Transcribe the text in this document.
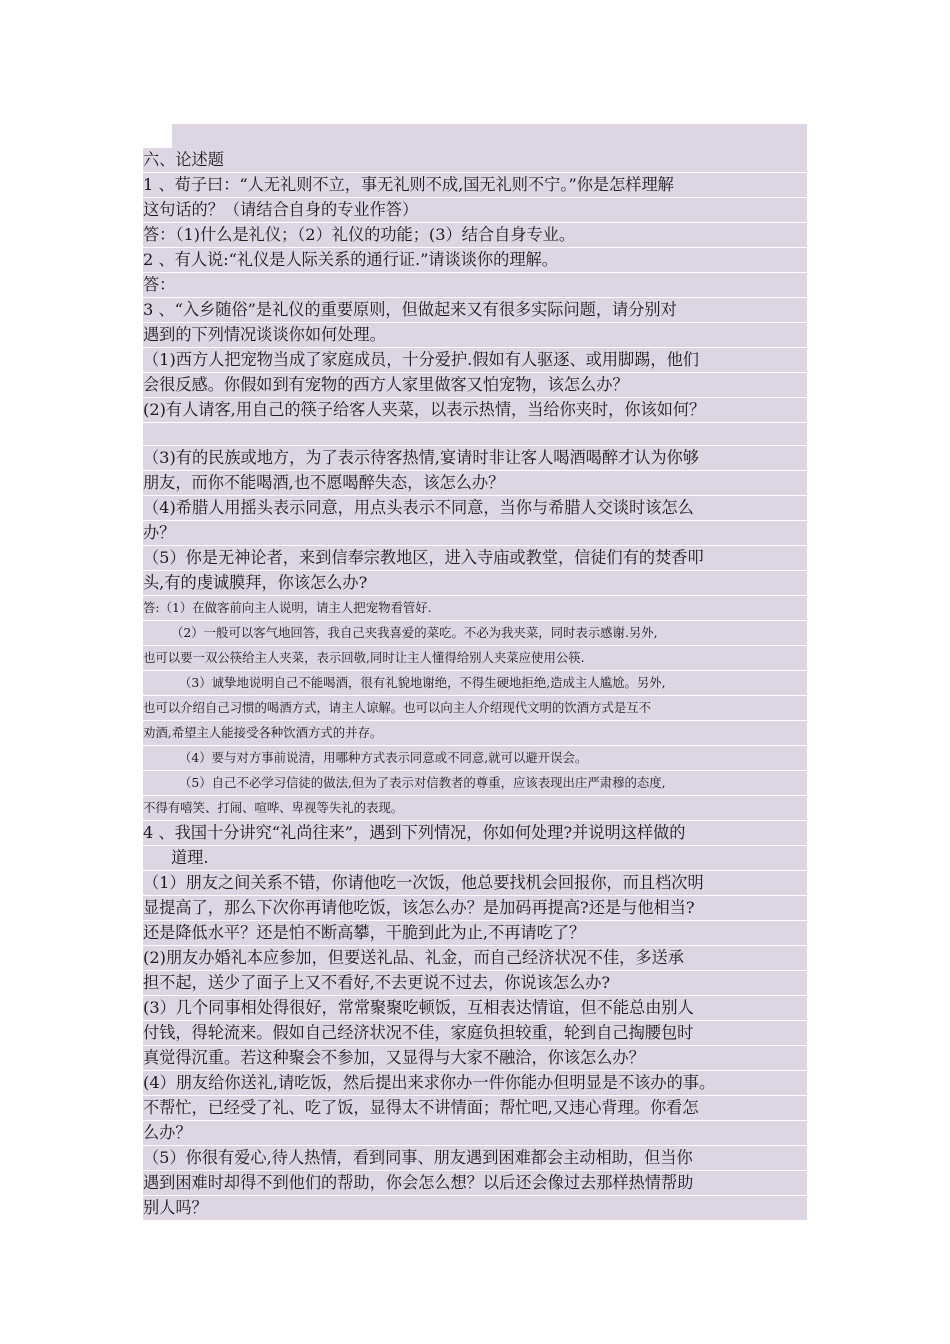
六、论述题
1 、荀子曰：“人无礼则不立，事无礼则不成,国无礼则不宁。”你是怎样理解
这句话的？（请结合自身的专业作答）
答：（1)什么是礼仪；（2）礼仪的功能；(3）结合自身专业。
2 、有人说:“礼仪是人际关系的通行证.”请谈谈你的理解。
答：
3 、“入乡随俗”是礼仪的重要原则，但做起来又有很多实际问题，请分别对
遇到的下列情况谈谈你如何处理。
（1)西方人把宠物当成了家庭成员，十分爱护.假如有人驱逐、或用脚踢，他们
会很反感。你假如到有宠物的西方人家里做客又怕宠物，该怎么办？
(2)有人请客,用自己的筷子给客人夹菜，以表示热情，当给你夹时，你该如何？
（3)有的民族或地方，为了表示待客热情,宴请时非让客人喝酒喝醉才认为你够
朋友，而你不能喝酒,也不愿喝醉失态，该怎么办？
（4)希腊人用摇头表示同意，用点头表示不同意，当你与希腊人交谈时该怎么
办？
（5）你是无神论者，来到信奉宗教地区，进入寺庙或教堂，信徒们有的焚香叩
头,有的虔诚膜拜，你该怎么办?
答:（1）在做客前向主人说明，请主人把宠物看管好.
（2）一般可以客气地回答，我自己夹我喜爱的菜吃。不必为我夹菜，同时表示感谢.另外,
也可以要一双公筷给主人夹菜，表示回敬,同时让主人懂得给别人夹菜应使用公筷.
（3）诚挚地说明自己不能喝酒，很有礼貌地谢绝，不得生硬地拒绝,造成主人尴尬。另外,
也可以介绍自己习惯的喝酒方式，请主人谅解。也可以向主人介绍现代文明的饮酒方式是互不
劝酒,希望主人能接受各种饮酒方式的并存。
（4）要与对方事前说清，用哪种方式表示同意或不同意,就可以避开误会。
（5）自己不必学习信徒的做法,但为了表示对信教者的尊重，应该表现出庄严肃穆的态度,
不得有嘻笑、打闹、喧哗、卑视等失礼的表现。
4 、我国十分讲究“礼尚往来”，遇到下列情况，你如何处理?并说明这样做的
道理.
（1）朋友之间关系不错，你请他吃一次饭，他总要找机会回报你，而且档次明
显提高了，那么下次你再请他吃饭，该怎么办？是加码再提高?还是与他相当?
还是降低水平？还是怕不断高攀，干脆到此为止,不再请吃了？
(2)朋友办婚礼本应参加，但要送礼品、礼金，而自己经济状况不佳，多送承
担不起，送少了面子上又不看好,不去更说不过去，你说该怎么办?
(3）几个同事相处得很好，常常聚聚吃顿饭，互相表达情谊，但不能总由别人
付钱，得轮流来。假如自己经济状况不佳，家庭负担较重，轮到自己掏腰包时
真觉得沉重。若这种聚会不参加，又显得与大家不融洽，你该怎么办？
(4）朋友给你送礼,请吃饭，然后提出来求你办一件你能办但明显是不该办的事。
不帮忙，已经受了礼、吃了饭，显得太不讲情面；帮忙吧,又违心背理。你看怎
么办？
（5）你很有爱心,待人热情，看到同事、朋友遇到困难都会主动相助，但当你
遇到困难时却得不到他们的帮助，你会怎么想？以后还会像过去那样热情帮助
别人吗？
